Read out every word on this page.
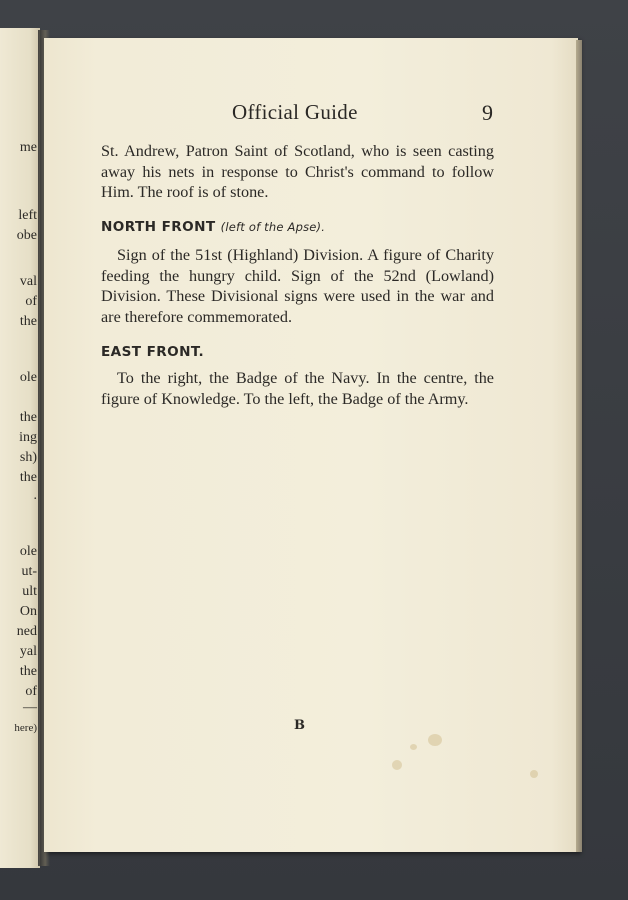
me
left
obe
val
of
the
ole
the
ing
sh)
the
.
ole
ut-
ult
On
ned
yal
the
of
—
here)
Official Guide	9

St. Andrew, Patron Saint of Scotland, who is seen casting away his nets in response to Christ's command to follow Him. The roof is of stone.

NORTH FRONT (left of the Apse).

Sign of the 51st (Highland) Division. A figure of Charity feeding the hungry child. Sign of the 52nd (Lowland) Division. These Divisional signs were used in the war and are therefore commemorated.

EAST FRONT.

To the right, the Badge of the Navy. In the centre, the figure of Knowledge. To the left, the Badge of the Army.

B
